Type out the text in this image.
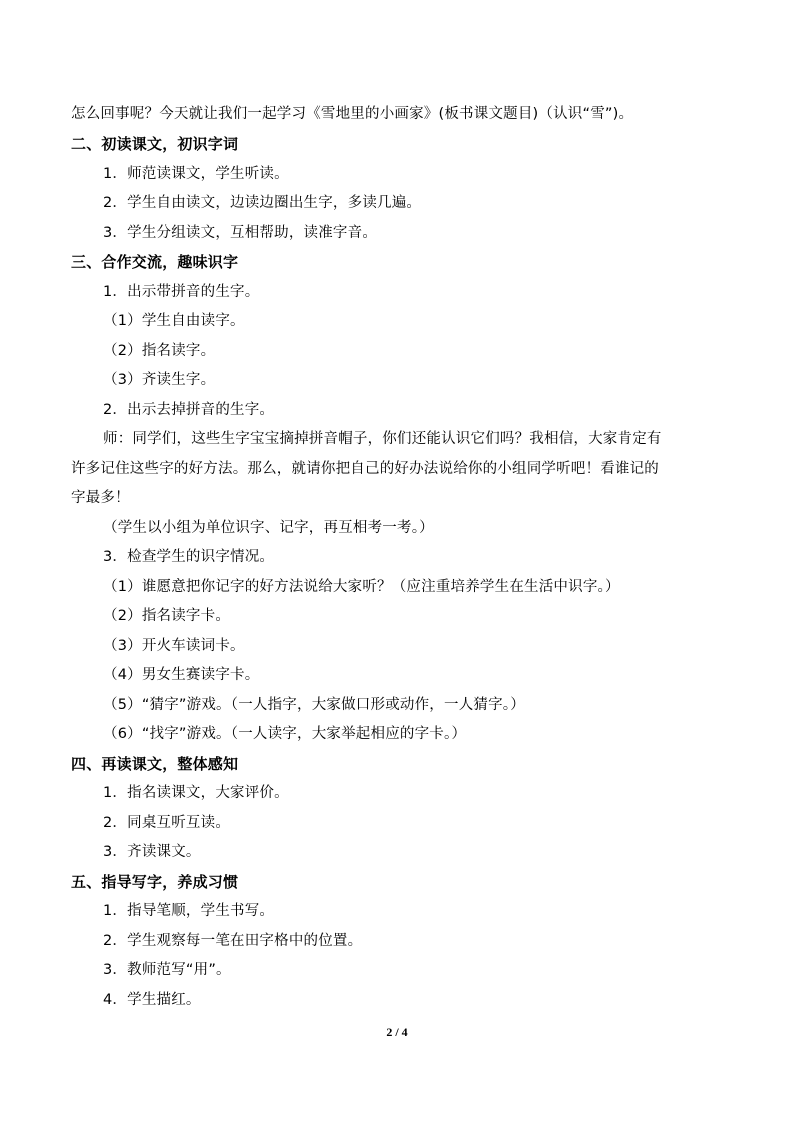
怎么回事呢？今天就让我们一起学习《雪地里的小画家》(板书课文题目)（认识“雪”)。
二、初读课文，初识字词
1．师范读课文，学生听读。
2．学生自由读文，边读边圈出生字，多读几遍。
3．学生分组读文，互相帮助，读准字音。
三、合作交流，趣味识字
1．出示带拼音的生字。
（1）学生自由读字。
（2）指名读字。
（3）齐读生字。
2．出示去掉拼音的生字。
师：同学们，这些生字宝宝摘掉拼音帽子，你们还能认识它们吗？我相信，大家肯定有
许多记住这些字的好方法。那么，就请你把自己的好办法说给你的小组同学听吧！看谁记的
字最多！
（学生以小组为单位识字、记字，再互相考一考。）
3．检查学生的识字情况。
（1）谁愿意把你记字的好方法说给大家听？（应注重培养学生在生活中识字。）
（2）指名读字卡。
（3）开火车读词卡。
（4）男女生赛读字卡。
（5）“猜字”游戏。（一人指字，大家做口形或动作，一人猜字。）
（6）“找字”游戏。（一人读字，大家举起相应的字卡。）
四、再读课文，整体感知
1．指名读课文，大家评价。
2．同桌互听互读。
3．齐读课文。
五、指导写字，养成习惯
1．指导笔顺，学生书写。
2．学生观察每一笔在田字格中的位置。
3．教师范写“用”。
4．学生描红。
2 / 4
